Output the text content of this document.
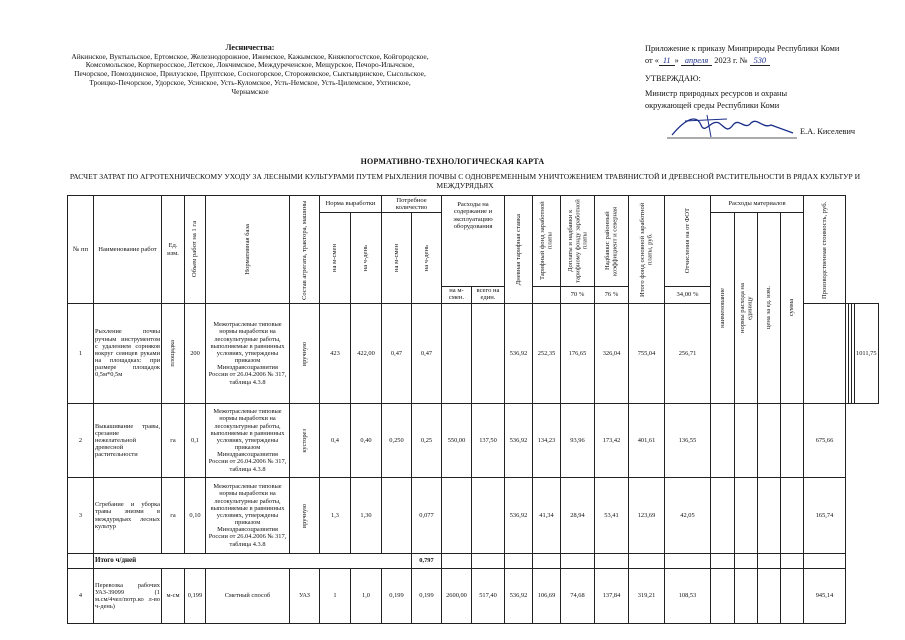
Лесничества:
Айкинское, Вуктыльское, Ертомское, Железнодорожное, Ижемское, Кажымское, Княжпогостское, Койгородское, Комсомольское, Корткеросское, Летское, Локчимское, Междуреченское, Мещурское, Печоро-Илычское, Печорское, Помоздинское, Прилузское, Пруптское, Сосногорское, Сторожевское, Сыктывдинское, Сысольское, Троицко-Печорское, Удорское, Усинское, Усть-Куломское, Усть-Немское, Усть-Цилемское, Ухтинское, Чернамское
Приложение к приказу Минприроды Республики Коми
от « 11 » апреля 2023 г. № 530
УТВЕРЖДАЮ:
Министр природных ресурсов и охраны окружающей среды Республики Коми
Е.А. Киселевич
НОРМАТИВНО-ТЕХНОЛОГИЧЕСКАЯ КАРТА
РАСЧЕТ ЗАТРАТ ПО АГРОТЕХНИЧЕСКОМУ УХОДУ ЗА ЛЕСНЫМИ КУЛЬТУРАМИ ПУТЕМ РЫХЛЕНИЯ ПОЧВЫ С ОДНОВРЕМЕННЫМ УНИЧТОЖЕНИЕМ ТРАВЯНИСТОЙ И ДРЕВЕСНОЙ РАСТИТЕЛЬНОСТИ В РЯДАХ КУЛЬТУР И МЕЖДУРЯДЬЯХ
№ пп	Наименование работ	Ед. изм.	Объем работ на 1 га	Нормативная база	Состав агрегата, трактора, машины	Норма выработки		Потребное количество		Расходы на содержание и эксплуатацию оборудования		Дневная тарифная ставка	Тарифный фонд заработной платы	Доплаты и надбавки к тарифному фонду заработной платы	Надбавки: районный коэффициент и северная	Итого фонд основной заработной платы, руб.	Отчисления на от ФОТ	Расходы материалов				Производственная стоимость, руб.				

						на м-смен	на ч-день	на м-смен	на ч-день									наименование	нормы расхода на единицу	цена за ед. изм.	сумма					

										на м-смен.	всего на един.			70 %	76 %		34,00 %									
1	Рыхление почвы ручным инструментом с удалением сорняков вокруг сеянцев руками на площадках: при размере площадок 0,5м*0,5м	площадка	200	Межотраслевые типовые нормы выработки на лесокультурные работы, выполняемые в равнинных условиях, утверждены приказом Минздравсоцразвития России от 26.04.2006 № 317, таблица 4.3.8	вручную	423	422,00	0,47	0,47			536,92	252,35	176,65	326,04	755,04	256,71									1011,75
2	Выкашивание травы, срезание нежелательной древесной растительности	га	0,1	Межотраслевые типовые нормы выработки на лесокультурные работы, выполняемые в равнинных условиях, утверждены приказом Минздравсоцразвития России от 26.04.2006 № 317, таблица 4.3.8	кусторез	0,4	0,40	0,250	0,25	550,00	137,50	536,92	134,23	93,96	173,42	401,61	136,55					675,66				
3	Сгребание и уборка травы знизми в междурядьях лесных культур	га	0,10	Межотраслевые типовые нормы выработки на лесокультурные работы, выполняемые в равнинных условиях, утверждены приказом Минздравсоцразвития России от 26.04.2006 № 317, таблица 4.3.8	вручную	1,3	1,30		0,077			536,92	41,34	28,94	53,41	123,69	42,05					165,74				
	Итого ч/дней								0,797																	
4	Перевозка рабочих УАЗ-39099 (1 м.см/4чел/потр.ко л-во ч-день)	м-см	0,199	Сметный способ	УАЗ	1	1,0	0,199	0,199	2600,00	517,40	536,92	106,69	74,68	137,84	319,21	108,53					945,14				
